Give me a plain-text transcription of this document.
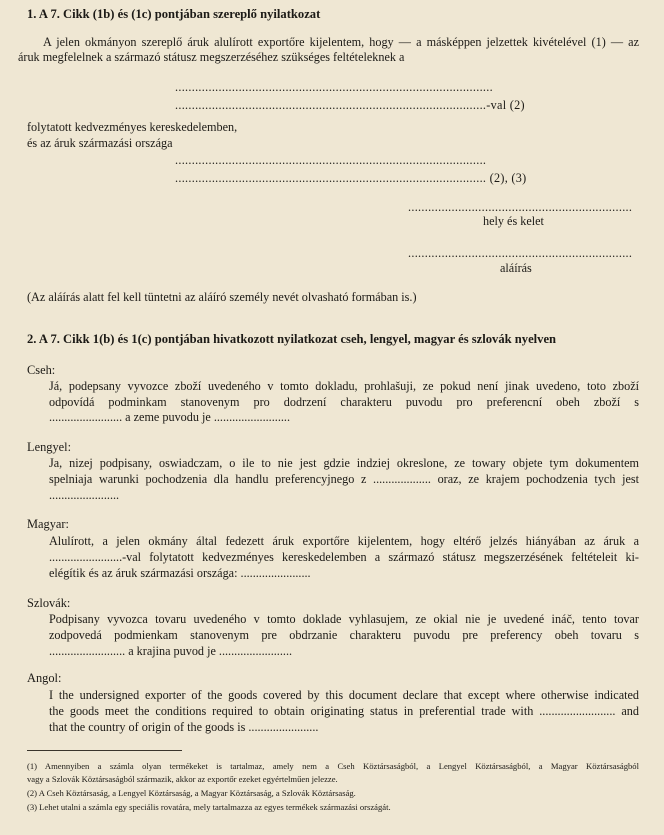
1. A 7. Cikk (1b) és (1c) pontjában szereplő nyilatkozat
A jelen okmányon szereplő áruk alulírott exportőre kijelentem, hogy — a másképpen jelzettek kivételével (1) — az
áruk megfelelnek a származó státusz megszerzéséhez szükséges feltételeknek a
...............................................................................................
.............................................................................................-val (2)
folytatott kedvezményes kereskedelemben,
és az áruk származási országa
.............................................................................................
............................................................................................. (2), (3)
...................................................................
hely és kelet
...................................................................
aláírás
(Az aláírás alatt fel kell tüntetni az aláíró személy nevét olvasható formában is.)
2. A 7. Cikk 1(b) és 1(c) pontjában hivatkozott nyilatkozat cseh, lengyel, magyar és szlovák nyelven
Cseh:
Já, podepsany vyvozce zboží uvedeného v tomto dokladu, prohlašuji, ze pokud není jinak uvedeno, toto zboží
odpovídá podminkam stanovenym pro dodrzení charakteru puvodu pro preferencní obeh zboží s
........................ a zeme puvodu je .........................
Lengyel:
Ja, nizej podpisany, oswiadczam, o ile to nie jest gdzie indziej okreslone, ze towary objete tym dokumentem
spelniaja warunki pochodzenia dla handlu preferencyjnego z ................... oraz, ze krajem pochodzenia tych jest
.......................
Magyar:
Alulírott, a jelen okmány által fedezett áruk exportőre kijelentem, hogy eltérő jelzés hiányában az áruk a
........................-val folytatott kedvezményes kereskedelemben a származó státusz megszerzésének feltételeit ki-
elégítik és az áruk származási országa: .......................
Szlovák:
Podpisany vyvozca tovaru uvedeného v tomto doklade vyhlasujem, ze okial nie je uvedené ináč, tento tovar
zodpovedá podmienkam stanovenym pre obdrzanie charakteru puvodu pre preferency obeh tovaru s
......................... a krajina puvod je ........................
Angol:
I the undersigned exporter of the goods covered by this document declare that except where otherwise indicated
the goods meet the conditions required to obtain originating status in preferential trade with ......................... and
that the country of origin of the goods is .......................
(1) Amennyiben a számla olyan termékeket is tartalmaz, amely nem a Cseh Köztársaságból, a Lengyel Köztársaságból, a Magyar Köztársaságból
vagy a Szlovák Köztársaságból származik, akkor az exportőr ezeket egyértelműen jelezze.
(2) A Cseh Köztársaság, a Lengyel Köztársaság, a Magyar Köztársaság, a Szlovák Köztársaság.
(3) Lehet utalni a számla egy speciális rovatára, mely tartalmazza az egyes termékek származási országát.
